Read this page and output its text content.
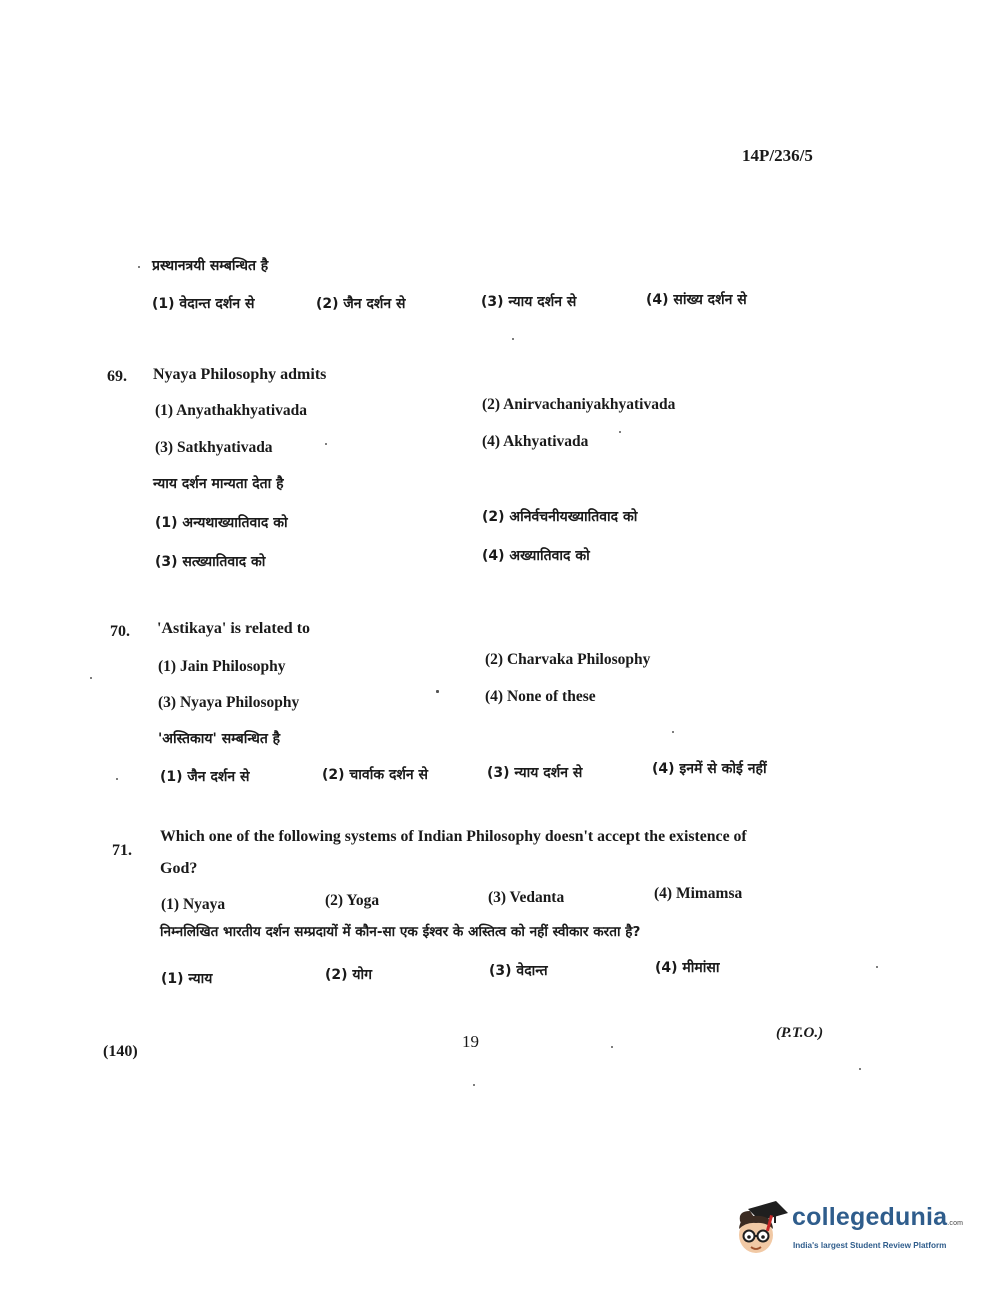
14P/236/5
प्रस्थानत्रयी सम्बन्धित है
(1) वेदान्त दर्शन से	(2) जैन दर्शन से	(3) न्याय दर्शन से	(4) सांख्य दर्शन से
69. Nyaya Philosophy admits
(1) Anyathakhyativada	(2) Anirvachaniyakhyativada
(3) Satkhyativada	(4) Akhyativada
न्याय दर्शन मान्यता देता है
(1) अन्यथाख्यातिवाद को	(2) अनिर्वचनीयख्यातिवाद को
(3) सत्ख्यातिवाद को	(4) अख्यातिवाद को
70. 'Astikaya' is related to
(1) Jain Philosophy	(2) Charvaka Philosophy
(3) Nyaya Philosophy	(4) None of these
'अस्तिकाय' सम्बन्धित है
(1) जैन दर्शन से	(2) चार्वाक दर्शन से	(3) न्याय दर्शन से	(4) इनमें से कोई नहीं
71.
Which one of the following systems of Indian Philosophy doesn't accept the existence of
God?
(1) Nyaya	(2) Yoga	(3) Vedanta	(4) Mimamsa
निम्नलिखित भारतीय दर्शन सम्प्रदायों में कौन-सा एक ईश्वर के अस्तित्व को नहीं स्वीकार करता है?
(1) न्याय	(2) योग	(3) वेदान्त	(4) मीमांसा
(140)
19	(P.T.O.)
collegedunia.com
India's largest Student Review Platform
